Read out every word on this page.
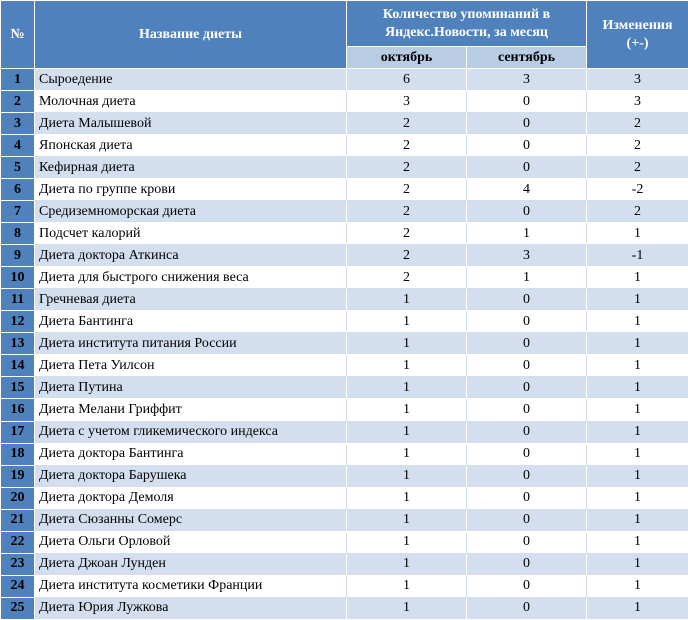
№	Название диеты	Количество упоминаний в Яндекс.Новости, за месяц		Изменения (+-)
		октябрь	сентябрь	
1	Сыроедение	6	3	3
2	Молочная диета	3	0	3
3	Диета Малышевой	2	0	2
4	Японская диета	2	0	2
5	Кефирная диета	2	0	2
6	Диета по группе крови	2	4	-2
7	Средиземноморская диета	2	0	2
8	Подсчет калорий	2	1	1
9	Диета доктора Аткинса	2	3	-1
10	Диета для быстрого снижения веса	2	1	1
11	Гречневая диета	1	0	1
12	Диета Бантинга	1	0	1
13	Диета института питания России	1	0	1
14	Диета Пета Уилсон	1	0	1
15	Диета Путина	1	0	1
16	Диета Мелани Гриффит	1	0	1
17	Диета с учетом гликемического индекса	1	0	1
18	Диета доктора Бантинга	1	0	1
19	Диета доктора Барушека	1	0	1
20	Диета доктора Демоля	1	0	1
21	Диета Сюзанны Сомерс	1	0	1
22	Диета Ольги Орловой	1	0	1
23	Диета Джоан Лунден	1	0	1
24	Диета института косметики Франции	1	0	1
25	Диета Юрия Лужкова	1	0	1
